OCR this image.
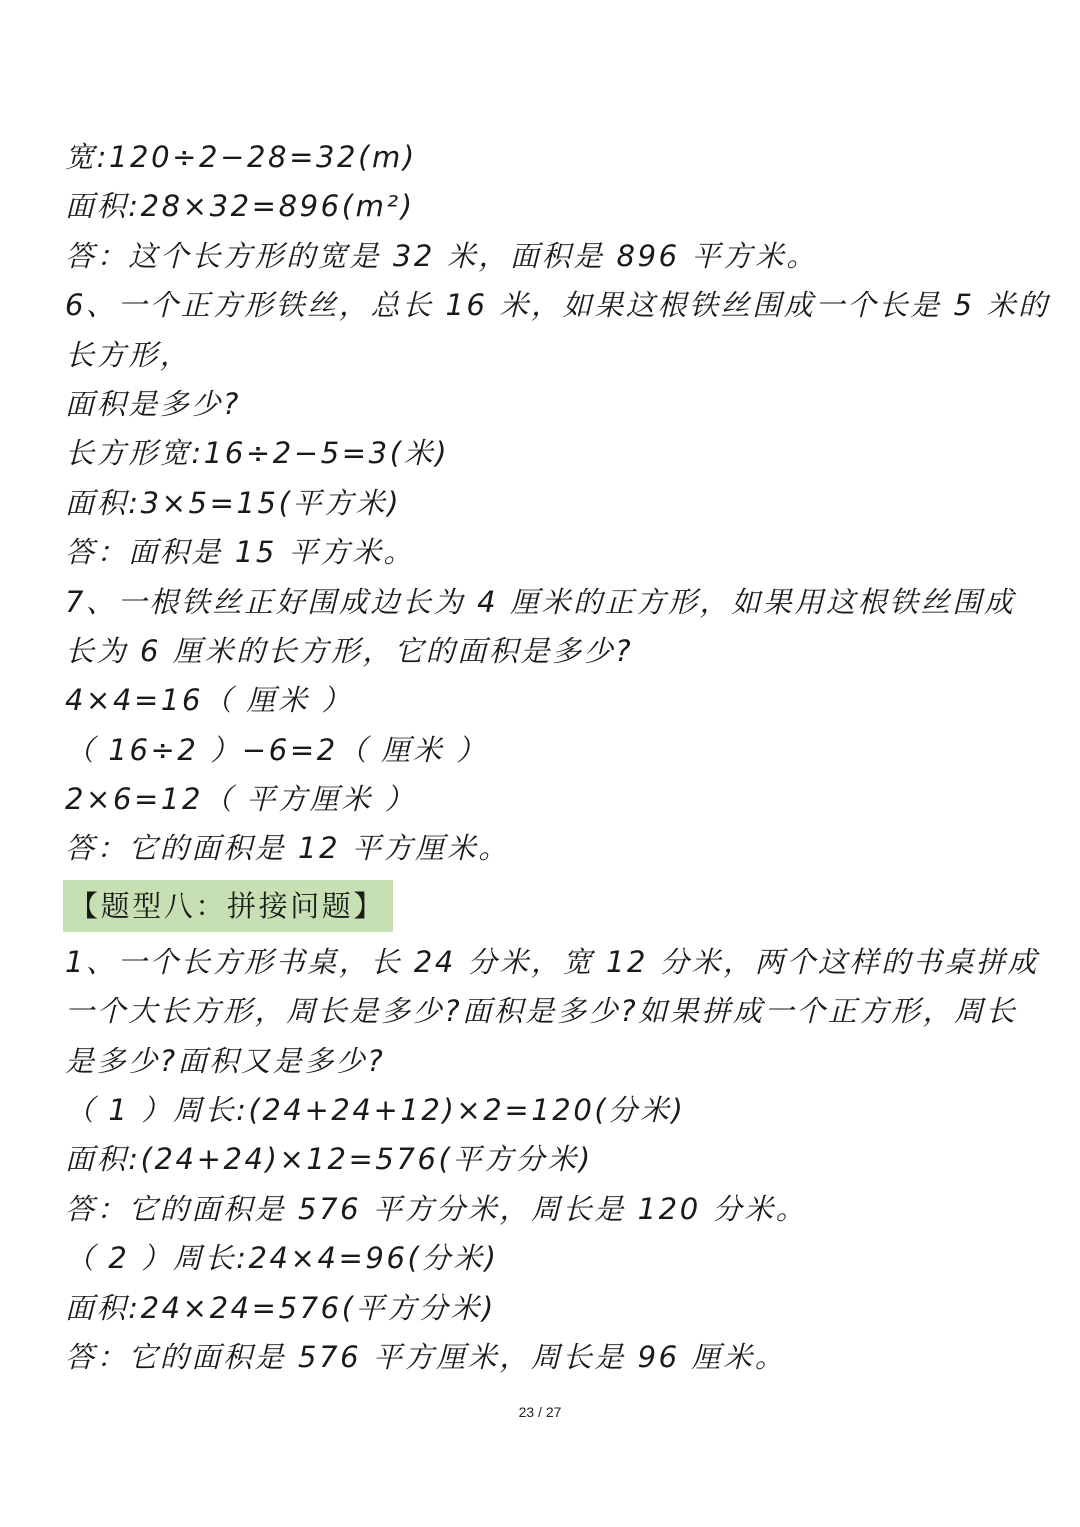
宽:120÷2−28=32(m)
面积:28×32=896(m²)
答：这个长方形的宽是 32 米，面积是 896 平方米。
6、一个正方形铁丝，总长 16 米，如果这根铁丝围成一个长是 5 米的
长方形，
面积是多少?
长方形宽:16÷2−5=3(米)
面积:3×5=15(平方米)
答：面积是 15 平方米。
7、一根铁丝正好围成边长为 4 厘米的正方形，如果用这根铁丝围成
长为 6 厘米的长方形，它的面积是多少?
4×4=16（ 厘米 ）
（ 16÷2 ）−6=2（ 厘米 ）
2×6=12（ 平方厘米 ）
答：它的面积是 12 平方厘米。
【题型八：拼接问题】
1、一个长方形书桌，长 24 分米，宽 12 分米，两个这样的书桌拼成
一个大长方形，周长是多少?面积是多少?如果拼成一个正方形，周长
是多少?面积又是多少?
（ 1 ）周长:(24+24+12)×2=120(分米)
面积:(24+24)×12=576(平方分米)
答：它的面积是 576 平方分米，周长是 120 分米。
（ 2 ）周长:24×4=96(分米)
面积:24×24=576(平方分米)
答：它的面积是 576 平方厘米，周长是 96 厘米。
23 / 27
